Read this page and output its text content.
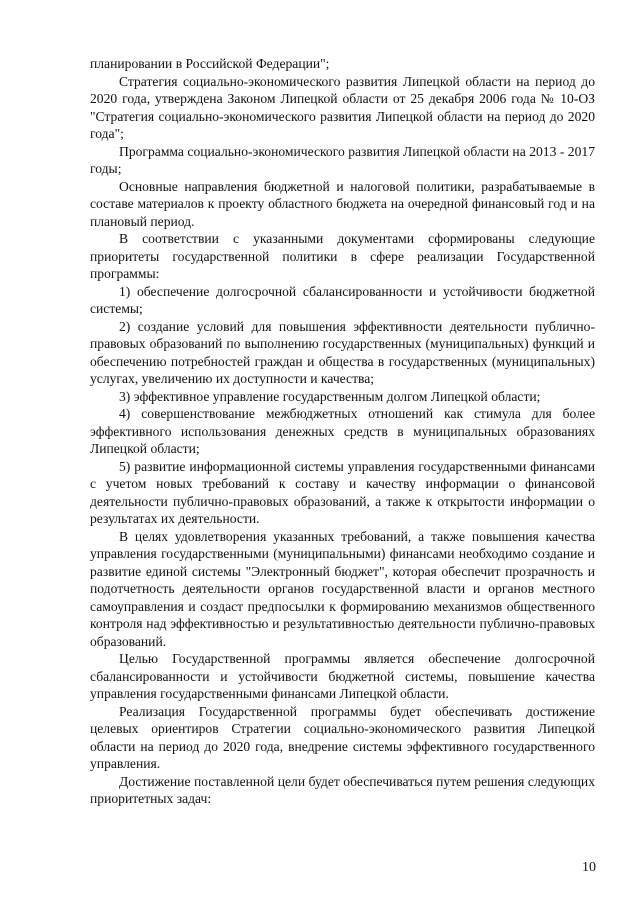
планировании в Российской Федерации";

Стратегия социально-экономического развития Липецкой области на период до 2020 года, утверждена Законом Липецкой области от 25 декабря 2006 года № 10-ОЗ "Стратегия социально-экономического развития Липецкой области на период до 2020 года";

Программа социально-экономического развития Липецкой области на 2013 - 2017 годы;

Основные направления бюджетной и налоговой политики, разрабатываемые в составе материалов к проекту областного бюджета на очередной финансовый год и на плановый период.

В соответствии с указанными документами сформированы следующие приоритеты государственной политики в сфере реализации Государственной программы:

1) обеспечение долгосрочной сбалансированности и устойчивости бюджетной системы;

2) создание условий для повышения эффективности деятельности публично-правовых образований по выполнению государственных (муниципальных) функций и обеспечению потребностей граждан и общества в государственных (муниципальных) услугах, увеличению их доступности и качества;

3) эффективное управление государственным долгом Липецкой области;

4) совершенствование межбюджетных отношений как стимула для более эффективного использования денежных средств в муниципальных образованиях Липецкой области;

5) развитие информационной системы управления государственными финансами с учетом новых требований к составу и качеству информации о финансовой деятельности публично-правовых образований, а также к открытости информации о результатах их деятельности.

В целях удовлетворения указанных требований, а также повышения качества управления государственными (муниципальными) финансами необходимо создание и развитие единой системы "Электронный бюджет", которая обеспечит прозрачность и подотчетность деятельности органов государственной власти и органов местного самоуправления и создаст предпосылки к формированию механизмов общественного контроля над эффективностью и результативностью деятельности публично-правовых образований.

Целью Государственной программы является обеспечение долгосрочной сбалансированности и устойчивости бюджетной системы, повышение качества управления государственными финансами Липецкой области.

Реализация Государственной программы будет обеспечивать достижение целевых ориентиров Стратегии социально-экономического развития Липецкой области на период до 2020 года, внедрение системы эффективного государственного управления.

Достижение поставленной цели будет обеспечиваться путем решения следующих приоритетных задач:

10
